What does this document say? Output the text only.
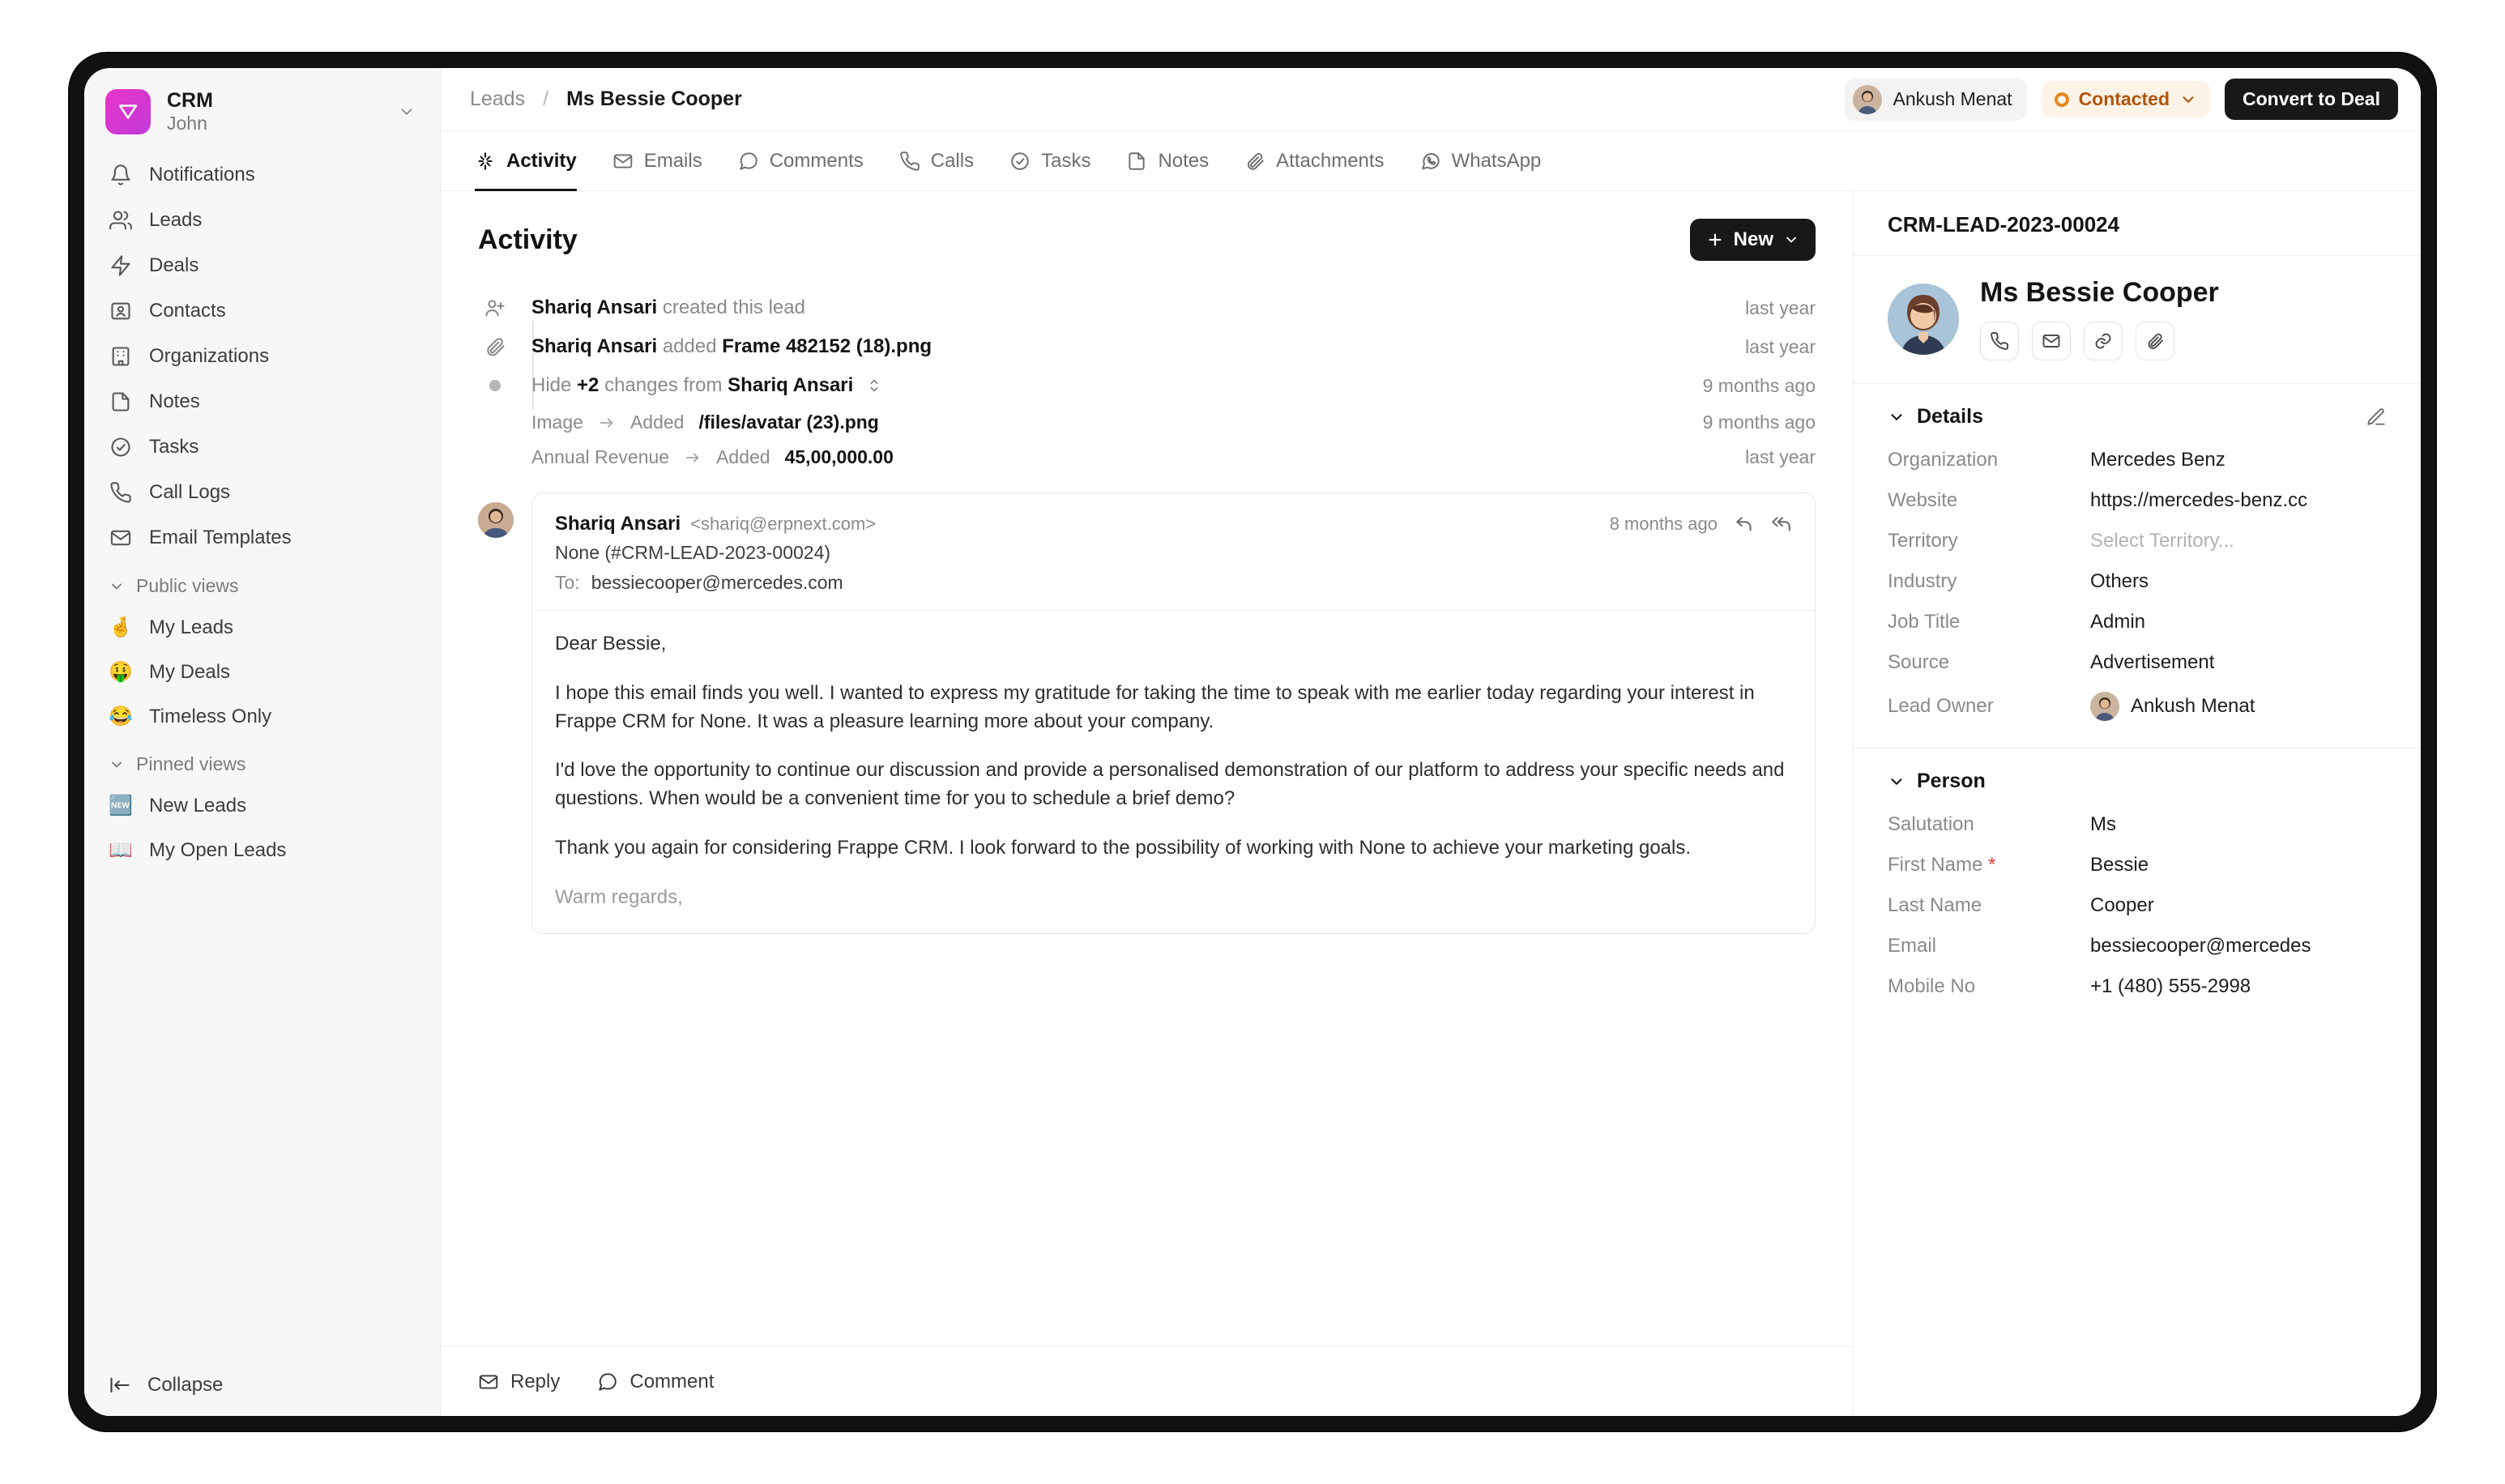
CRM
John
Notifications
Leads
Deals
Contacts
Organizations
Notes
Tasks
Call Logs
Email Templates
Public views
🤞 My Leads
🤑 My Deals
😂 Timeless Only
Pinned views
🆕 New Leads
📖 My Open Leads
Collapse
Leads / Ms Bessie Cooper	Ankush Menat	Contacted	Convert to Deal
Activity	Emails	Comments	Calls	Tasks	Notes	Attachments	WhatsApp
Activity	New
Shariq Ansari created this lead	last year
Shariq Ansari added Frame 482152 (18).png	last year
Hide +2 changes from Shariq Ansari	9 months ago
Image	Added /files/avatar (23).png	9 months ago
Annual Revenue	Added 45,00,000.00	last year
Shariq Ansari <shariq@erpnext.com>	8 months ago
None (#CRM-LEAD-2023-00024)
To: bessiecooper@mercedes.com

Dear Bessie,

I hope this email finds you well. I wanted to express my gratitude for taking the time to speak with me earlier today regarding your interest in Frappe CRM for None. It was a pleasure learning more about your company.

I'd love the opportunity to continue our discussion and provide a personalised demonstration of our platform to address your specific needs and questions. When would be a convenient time for you to schedule a brief demo?

Thank you again for considering Frappe CRM. I look forward to the possibility of working with None to achieve your marketing goals.

Warm regards,

Reply	Comment
CRM-LEAD-2023-00024
Ms Bessie Cooper
Details
Organization	Mercedes Benz
Website	https://mercedes-benz.cc
Territory	Select Territory...
Industry	Others
Job Title	Admin
Source	Advertisement
Lead Owner	Ankush Menat
Person
Salutation	Ms
First Name *	Bessie
Last Name	Cooper
Email	bessiecooper@mercedes
Mobile No	+1 (480) 555-2998
